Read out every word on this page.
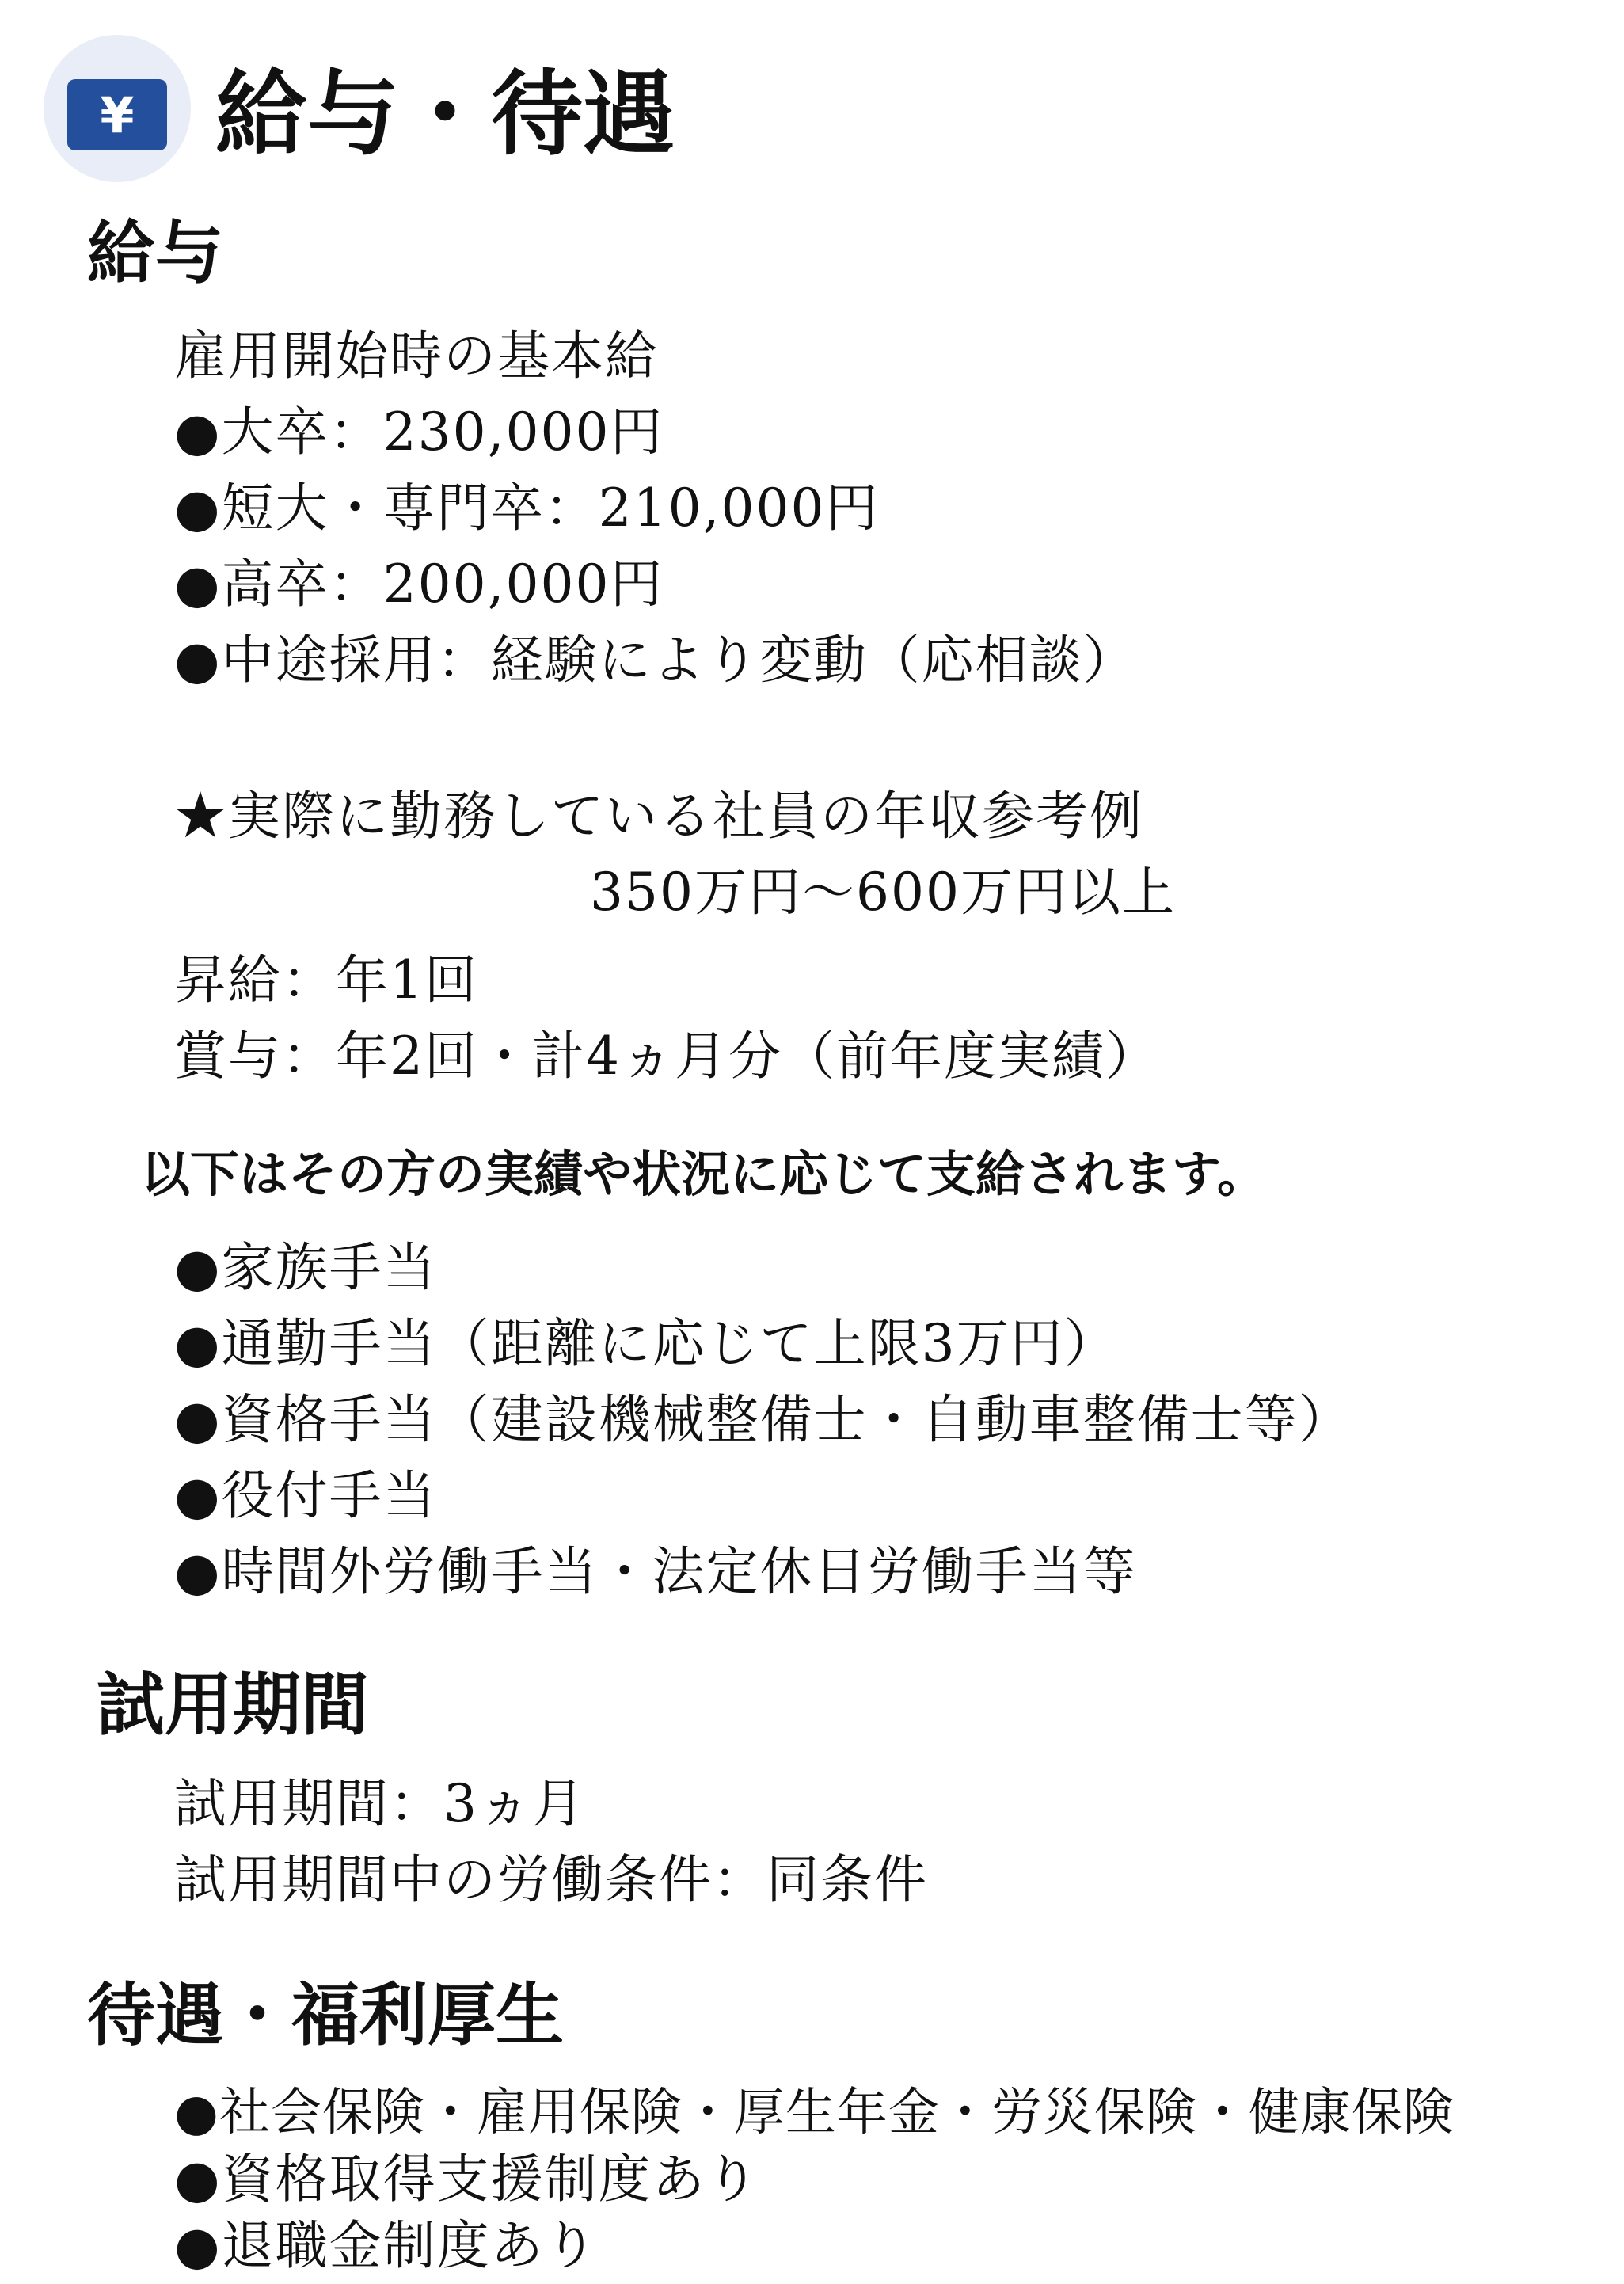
¥ 給与・待遇
給与
雇用開始時の基本給
●大卒：230,000円
●短大・専門卒：210,000円
●高卒：200,000円
●中途採用：経験により変動（応相談）
★実際に勤務している社員の年収参考例
350万円～600万円以上
昇給：年1回
賞与：年2回・計4ヵ月分（前年度実績）
以下はその方の実績や状況に応じて支給されます。
●家族手当
●通勤手当（距離に応じて上限3万円）
●資格手当（建設機械整備士・自動車整備士等）
●役付手当
●時間外労働手当・法定休日労働手当等
試用期間
試用期間：3ヵ月
試用期間中の労働条件：同条件
待遇・福利厚生
●社会保険・雇用保険・厚生年金・労災保険・健康保険
●資格取得支援制度あり
●退職金制度あり
